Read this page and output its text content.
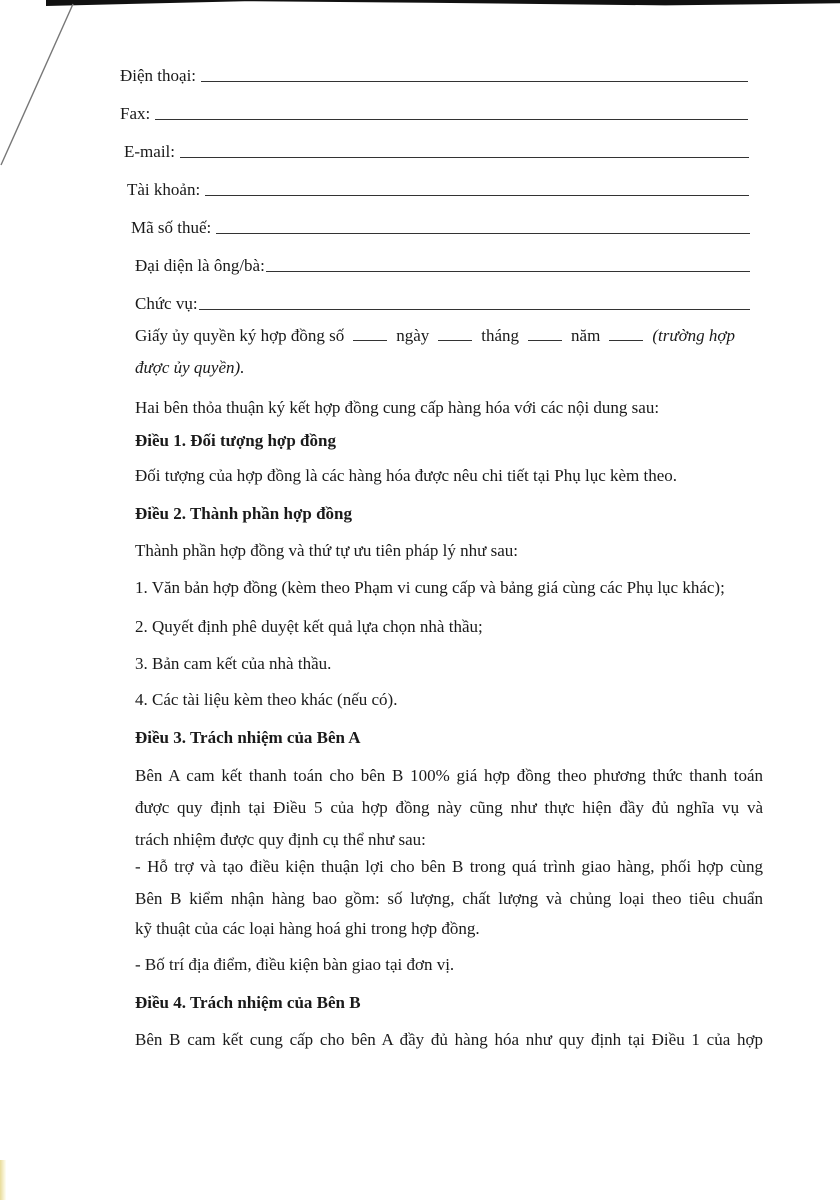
Điện thoại:
Fax:
E-mail:
Tài khoản:
Mã số thuế:
Đại diện là ông/bà:
Chức vụ:
Giấy ủy quyền ký hợp đồng số	ngày	tháng	năm	(trường hợp
được ủy quyền).
Hai bên thỏa thuận ký kết hợp đồng cung cấp hàng hóa với các nội dung sau:
Điều 1. Đối tượng hợp đồng
Đối tượng của hợp đồng là các hàng hóa được nêu chi tiết tại Phụ lục kèm theo.
Điều 2. Thành phần hợp đồng
Thành phần hợp đồng và thứ tự ưu tiên pháp lý như sau:
1. Văn bản hợp đồng (kèm theo Phạm vi cung cấp và bảng giá cùng các Phụ lục khác);
2. Quyết định phê duyệt kết quả lựa chọn nhà thầu;
3. Bản cam kết của nhà thầu.
4. Các tài liệu kèm theo khác (nếu có).
Điều 3. Trách nhiệm của Bên A
Bên A cam kết thanh toán cho bên B 100% giá hợp đồng theo phương thức thanh toán
được quy định tại Điều 5 của hợp đồng này cũng như thực hiện đầy đủ nghĩa vụ và
trách nhiệm được quy định cụ thể như sau:
- Hỗ trợ và tạo điều kiện thuận lợi cho bên B trong quá trình giao hàng, phối hợp cùng
Bên B kiểm nhận hàng bao gồm: số lượng, chất lượng và chủng loại theo tiêu chuẩn
kỹ thuật của các loại hàng hoá ghi trong hợp đồng.
- Bố trí địa điểm, điều kiện bàn giao tại đơn vị.
Điều 4. Trách nhiệm của Bên B
Bên B cam kết cung cấp cho bên A đầy đủ hàng hóa như quy định tại Điều 1 của hợp
